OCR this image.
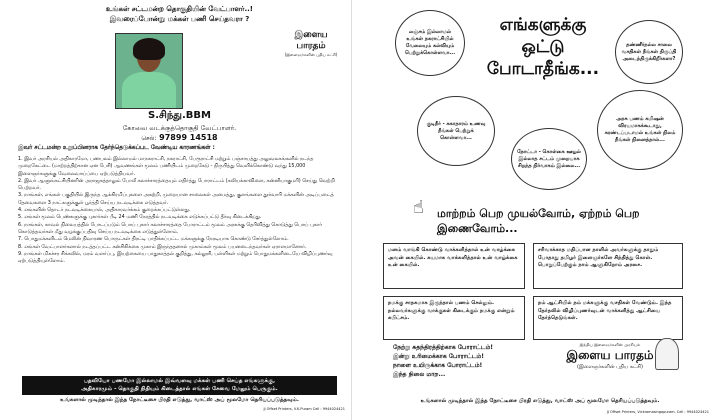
உங்கள் சட்டமன்ற தொகுதியின் வேட்பாளர்..!
இவரைப்போன்று மக்கள் பணி செய்தவரா ?
இளைய பாரதம்
(இளைஞர்களின் புதிய கட்சி)
S.சிந்து.BBM
கோவை வடக்குத்தொகுதி வேட்பாளர்.
செல்: 97899 14518
இவர் சட்டமன்ற உறுப்பினராக தேர்ந்தெடுக்கப்பட வேண்டிய காரணங்கள் :
1. இவர் அரசியல் அதிகாரமோ, பணபலம் இல்லாமல் மாநகராட்சி, நகராட்சி, பேரூராட்சி மற்றும் பஞ்சாயத்து அலுவலகங்களில் நடந்த முறைகேட்டை (மாற்றத்திற்கான ஏன பேசி) ஆவணங்கள் மூலம் பணியிடம் முறைகேடு - நிருபித்து வெளிக்கொண்டு வந்து 15,000 இளைஞர்களுக்கு வேலைவாய்ப்பை ஏற்படுத்தியவர்.
2. இவர் ஆளுங்கட்சியினரின் அராஜகத்தாலும் போலீ கலாச்சாரத்தையும் எதிர்த்து போராட்டம் (கலியக்காவிளை, கன்னியாகுமரி) செய்து வெற்றி பெற்றவர்.
3. நாங்கள், எங்கள் பகுதியில் இருந்த ஆக்கிரமிப்புகளை அகற்றி, முறையான சாலைகள் அமைத்து, குளங்களை தூர்வாரி மக்களின் அடிப்படைத் தேவைகளை 3 நாட்களுக்குள் பூர்த்தி செய்ய நடவடிக்கை எடுத்தவர்.
4. எங்களின் தொடர் நடவடிக்கையால், அதிகாரவர்க்கம் குறைக்கப்பட்டுள்ளது.
5. எங்கள் மூலம் பெண்களுக்கு புகார்கள் பீடி 24 மணி நேரத்தில் நடவடிக்கை எடுக்கப்பட்டு தீர்வு கிடைக்கிறது.
6. நாங்கள், காவல் நிலையத்தில் போடப்படும் பொய் புகார் கலாச்சாரத்தை போராட்டம் மூலம் அரசுக்கு தெரிவித்து கொடுத்து பொய் புகார் கொடுத்தவர்கள் மீது வழக்குப்பதிவு செய்ய நடவடிக்கை எடுத்துள்ளோம்.
7. பொதுமக்களிடம் மெலின் நிவாரண பொருட்கள் திரட்டி பாதிக்கப்பட்ட மக்களுக்கு நேரடியாக கொண்டு சேர்த்துள்ளோம்.
8. எங்கள் வேட்பாளர்களால் நடத்தப்பட்ட கன்சிகிக்கை முகாம் இருந்ததனால் முகாம்கள் மூலம் பயனடைந்தவர்கள் ஏராளமானோர்.
9. நாங்கள் மிகச்சர சிக்கலில், மரம் வளர்ப்பு, இயற்கையை பாதுகாத்தல் குறித்து, கல்லூரி, பள்ளிகள் மற்றும் பொதுமக்களிடையே விழிப்புணர்வு ஏற்படுத்தியுள்ளோம்.
பதவியோ பணமோ இல்லாமல் இவ்வளவு மக்கள் பணி செய்த எங்களுக்கு,
அதிகாரமும் - தொகுதி நிதியும் கிடைத்தால் எங்கள் சேவை மேலும் பெருகும்.
உங்களால் முடிந்தால் இந்த நோட்டீசை பிரதி எடுத்து, வாட்ஸ் அப் மூலமோ தெரியப்படுத்தவும்.
JJ Offset Printers, V.K.Puram Cell : 9944024421
லஞ்சம் இல்லாமல் உங்கள் நகராட்சியில் வேலையும் கல்வியும் பெற்றுக்கொள்ளவா...
எங்களுக்கு ஒட்டு போடாதீங்க...
தண்ணீர்நல்ல சாலை வசதிகள் நீங்கள் திருப்தி அடைந்திருக்கிறீர்களா?
குடிநீர் - சுகாதாரம் உணவு நீங்கள் பெற்றுக் கொள்ளவா...
அரசு பணம் கமிஷன் விரயமாகக்கூடாது, சுரண்டப்படாமல் உங்கள் நிலம் நீங்கள் நினைத்தால்...
நோட்டா - கொள்கை ஊழல் இல்லாத சட்டம் முறையாக சிறந்த நிர்வாகம் இல்லை...
☝ மாற்றம் பெற முயல்வோம், ஏற்றம் பெற இணைவோம்...
மனம் வாங்கி கொண்டு வாக்களித்தால் உன் வாழ்க்கை அவன் கையில். சுயமாக வாக்களித்தால் உன் வாழ்க்கை உன் கையில்.
சரிவாக்காத மதிப்பான நாளில் அவர்களுக்கு தாதும் போதாது தமிழர் இளைஞர்களே சிந்தித்து கொள். பொறுப்பேற்கும் நாம் ஆளுகிறோம் அரசை.
நமக்கு சாதகமாக இருந்தால் பணம் செல்லும். நல்லவர்களுக்கு வாக்குகள் கிடைக்கும் நமக்கு என்றும் சுபிட்சம்.
நம் ஆட்சியில் நம் மக்களுக்கு வசதிகள் வேண்டும். இந்த தேர்தலில் விழிப்புணர்வுடன் வாக்களித்து ஆட்சியை தேர்ந்தெடுங்கள்.
நேற்று சுதந்திரத்திற்காக போராட்டம்!
இன்று உரிமைக்காக போராட்டம்!
நாளை உயிருக்காக போராட்டம்!
இந்த நிலை மாற...
இந்திய இளைஞர்களின் அரசியல்
இளைய பாரதம்
(இளைஞர்களின் புதிய கட்சி)
உங்களால் முடிந்தால் இந்த நோட்டீசை பிரதி எடுத்து, வாட்ஸ் அப் மூலமோ தெரியப்படுத்தவும்.
JJ Offset Printers, Vickramasingapuram. Cell : 9944024421
